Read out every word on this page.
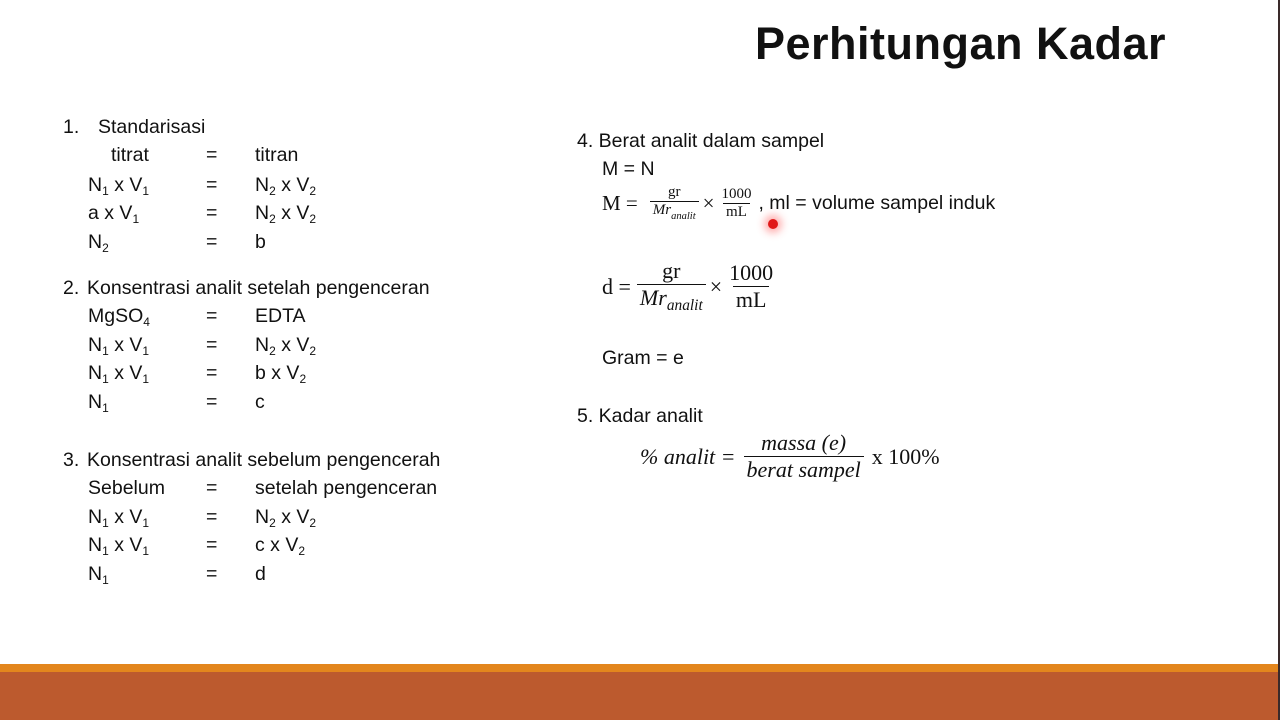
Perhitungan Kadar
1. Standarisasi
titrat	= titran
$N_1$ x $V_1$	= $N_2$ x $V_2$
a x $V_1$	= $N_2$ x $V_2$
$N_2$	= b
2. Konsentrasi analit setelah pengenceran
MgSO$_4$	= EDTA
$N_1$ x $V_1$	= $N_2$ x $V_2$
$N_1$ x $V_1$	= b x $V_2$
$N_1$	= c
3. Konsentrasi analit sebelum pengencerah
Sebelum = setelah pengenceran
$N_1$ x $V_1$	= $N_2$ x $V_2$
$N_1$ x $V_1$	= c x $V_2$
$N_1$	= d
4. Berat analit dalam sampel
M = N
$M = \frac{gr}{Mr_{analit}} \times \frac{1000}{mL}$ , ml = volume sampel induk
$d = \frac{gr}{Mr_{analit}} \times \frac{1000}{mL}$
Gram = e
5. Kadar analit
% analit = $\frac{\text{massa (e)}}{\text{berat sampel}}$ x 100%
